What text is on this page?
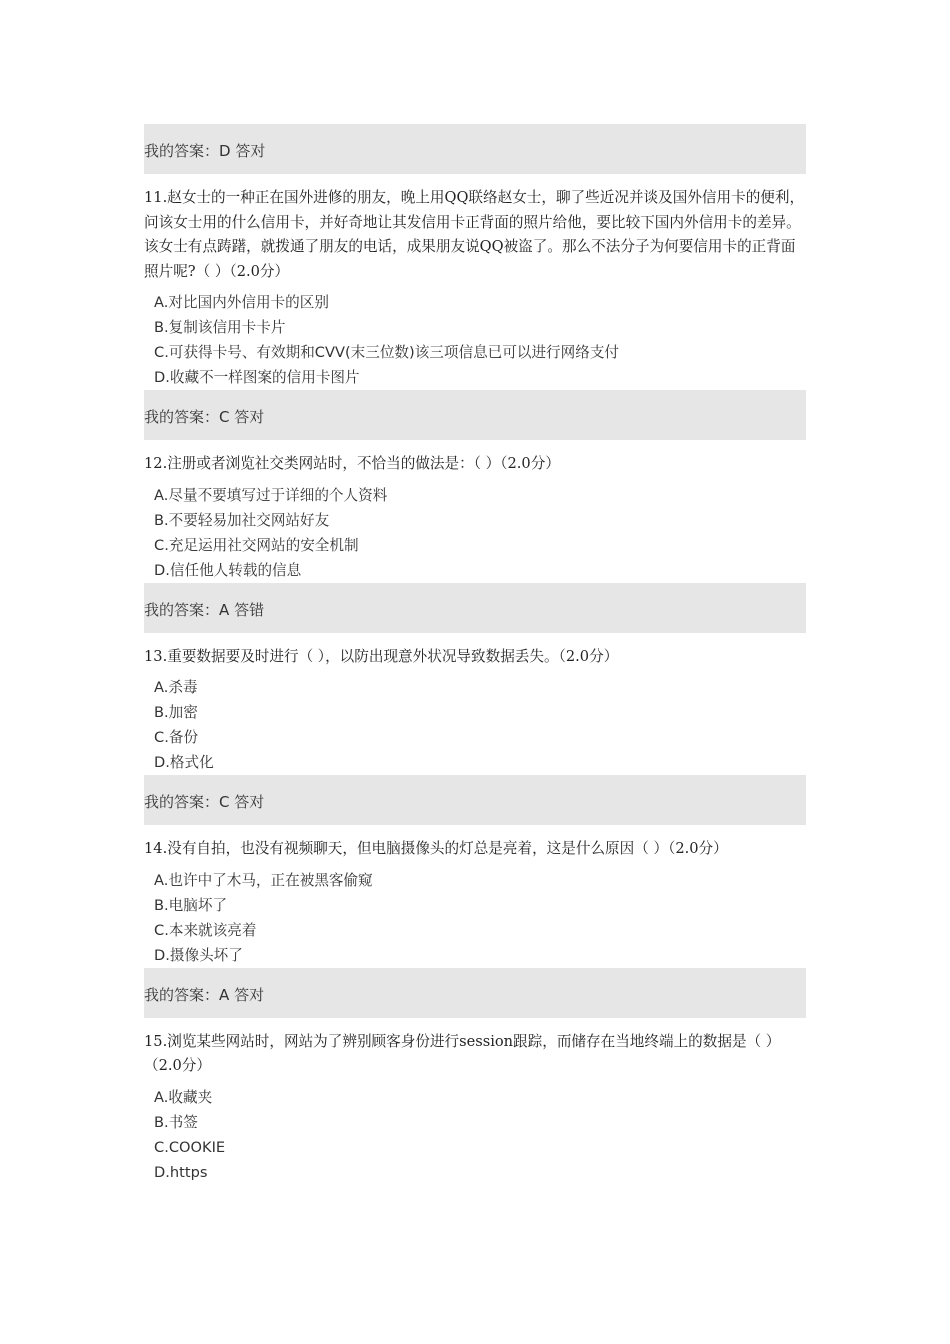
我的答案：D 答对
11.赵女士的一种正在国外进修的朋友，晚上用QQ联络赵女士，聊了些近况并谈及国外信用卡的便利，问该女士用的什么信用卡，并好奇地让其发信用卡正背面的照片给他，要比较下国内外信用卡的差异。该女士有点踌躇，就拨通了朋友的电话，成果朋友说QQ被盗了。那么不法分子为何要信用卡的正背面照片呢?（ ）（2.0分）
A.对比国内外信用卡的区别
B.复制该信用卡卡片
C.可获得卡号、有效期和CVV(末三位数)该三项信息已可以进行网络支付
D.收藏不一样图案的信用卡图片
我的答案：C 答对
12.注册或者浏览社交类网站时，不恰当的做法是：（ ）（2.0分）
A.尽量不要填写过于详细的个人资料
B.不要轻易加社交网站好友
C.充足运用社交网站的安全机制
D.信任他人转载的信息
我的答案：A 答错
13.重要数据要及时进行（ ），以防出现意外状况导致数据丢失。（2.0分）
A.杀毒
B.加密
C.备份
D.格式化
我的答案：C 答对
14.没有自拍，也没有视频聊天，但电脑摄像头的灯总是亮着，这是什么原因（ ）（2.0分）
A.也许中了木马，正在被黑客偷窥
B.电脑坏了
C.本来就该亮着
D.摄像头坏了
我的答案：A 答对
15.浏览某些网站时，网站为了辨别顾客身份进行session跟踪，而储存在当地终端上的数据是（ ）（2.0分）
A.收藏夹
B.书签
C.COOKIE
D.https
